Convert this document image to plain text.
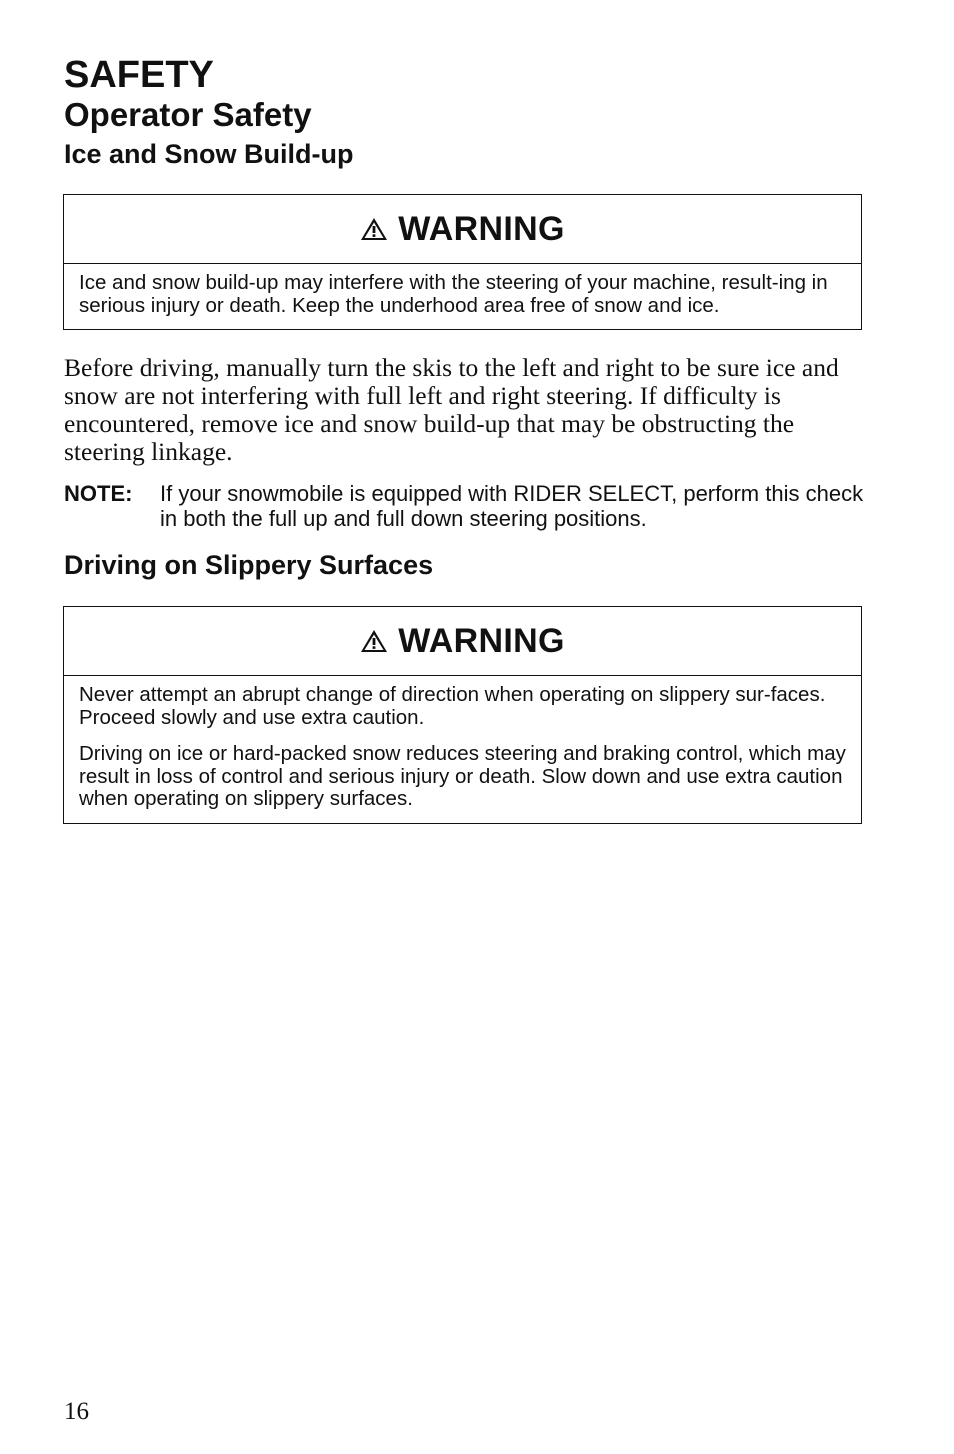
SAFETY
Operator Safety
Ice and Snow Build-up
WARNING

Ice and snow build-up may interfere with the steering of your machine, result-ing in serious injury or death. Keep the underhood area free of snow and ice.

Before driving, manually turn the skis to the left and right to be sure ice and snow are not interfering with full left and right steering. If difficulty is encountered, remove ice and snow build-up that may be obstructing the steering linkage.

NOTE:	If your snowmobile is equipped with RIDER SELECT, perform this check in both the full up and full down steering positions.
Driving on Slippery Surfaces
WARNING

Never attempt an abrupt change of direction when operating on slippery sur-faces. Proceed slowly and use extra caution.

Driving on ice or hard-packed snow reduces steering and braking control, which may result in loss of control and serious injury or death. Slow down and use extra caution when operating on slippery surfaces.

16
